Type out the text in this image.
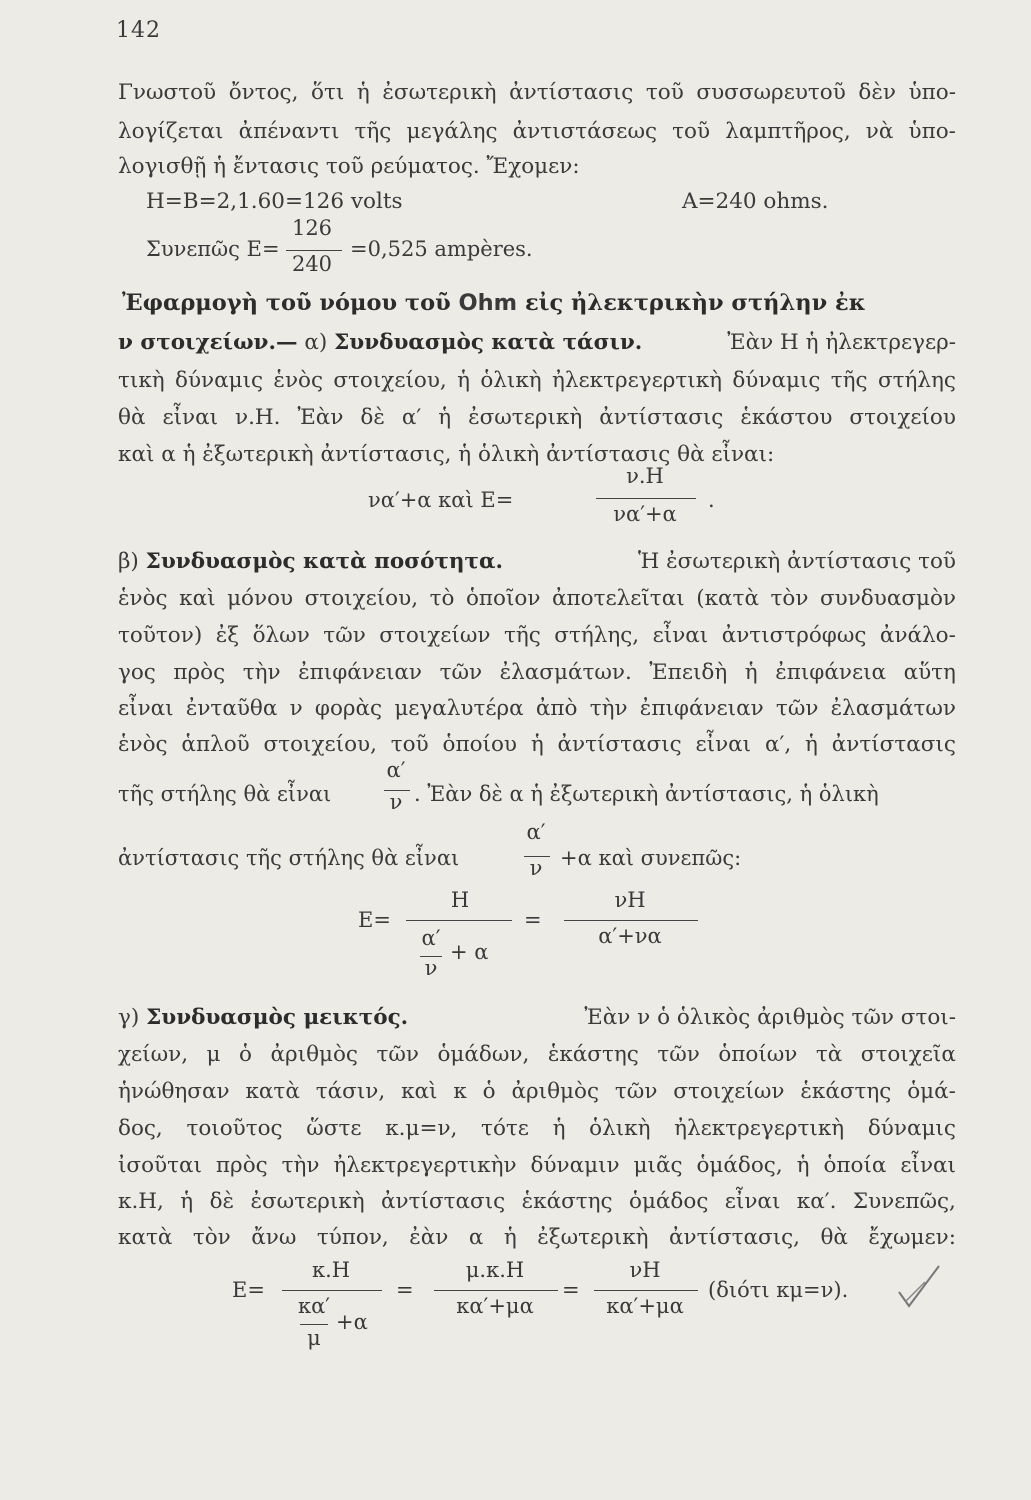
142
Γνωστοῦ ὄντος, ὅτι ἡ ἐσωτερικὴ ἀντίστασις τοῦ συσσωρευτοῦ δὲν ὑπο-
λογίζεται ἀπέναντι τῆς μεγάλης ἀντιστάσεως τοῦ λαμπτῆρος, νὰ ὑπο-
λογισθῇ ἡ ἔντασις τοῦ ρεύματος. Ἔχομεν:
H=B=2,1.60=126 volts	A=240 ohms.
Συνεπῶς E=
126
240
=0,525 ampères.
Ἐφαρμογὴ τοῦ νόμου τοῦ Ohm εἰς ἠλεκτρικὴν στήλην ἐκ
ν στοιχείων.— α) Συνδυασμὸς κατὰ τάσιν.	Ἐὰν H ἡ ἠλεκτρεγερ-
τικὴ δύναμις ἑνὸς στοιχείου, ἡ ὁλικὴ ἠλεκτρεγερτικὴ δύναμις τῆς στήλης
θὰ εἶναι ν.H. Ἐὰν δὲ α′ ἡ ἐσωτερικὴ ἀντίστασις ἑκάστου στοιχείου
καὶ α ἡ ἐξωτερικὴ ἀντίστασις, ἡ ὁλικὴ ἀντίστασις θὰ εἶναι:
να′+α καὶ E=
ν.H
να′+α
.
β) Συνδυασμὸς κατὰ ποσότητα.	Ἡ ἐσωτερικὴ ἀντίστασις τοῦ
ἑνὸς καὶ μόνου στοιχείου, τὸ ὁποῖον ἀποτελεῖται (κατὰ τὸν συνδυασμὸν
τοῦτον) ἐξ ὅλων τῶν στοιχείων τῆς στήλης, εἶναι ἀντιστρόφως ἀνάλο-
γος πρὸς τὴν ἐπιφάνειαν τῶν ἐλασμάτων. Ἐπειδὴ ἡ ἐπιφάνεια αὕτη
εἶναι ἐνταῦθα ν φορὰς μεγαλυτέρα ἀπὸ τὴν ἐπιφάνειαν τῶν ἐλασμάτων
ἑνὸς ἁπλοῦ στοιχείου, τοῦ ὁποίου ἡ ἀντίστασις εἶναι α′, ἡ ἀντίστασις
τῆς στήλης θὰ εἶναι
α′
ν . Ἐὰν δὲ α ἡ ἐξωτερικὴ ἀντίστασις, ἡ ὁλικὴ
ἀντίστασις τῆς στήλης θὰ εἶναι
α′
ν +α καὶ συνεπῶς:
E=
H
α′
ν
+ α
=
νH
α′+να
γ) Συνδυασμὸς μεικτός.	Ἐὰν ν ὁ ὁλικὸς ἀριθμὸς τῶν στοι-
χείων, μ ὁ ἀριθμὸς τῶν ὁμάδων, ἑκάστης τῶν ὁποίων τὰ στοιχεῖα
ἡνώθησαν κατὰ τάσιν, καὶ κ ὁ ἀριθμὸς τῶν στοιχείων ἑκάστης ὁμά-
δος, τοιοῦτος ὥστε κ.μ=ν, τότε ἡ ὁλικὴ ἠλεκτρεγερτικὴ δύναμις
ἰσοῦται πρὸς τὴν ἠλεκτρεγερτικὴν δύναμιν μιᾶς ὁμάδος, ἡ ὁποία εἶναι
κ.H, ἡ δὲ ἐσωτερικὴ ἀντίστασις ἑκάστης ὁμάδος εἶναι κα′. Συνεπῶς,
κατὰ τὸν ἄνω τύπον, ἐὰν α ἡ ἐξωτερικὴ ἀντίστασις, θὰ ἔχωμεν:
E=
κ.H
κα′
μ
+α
=
μ.κ.H
κα′+μα
=
νH
κα′+μα
(διότι κμ=ν).
